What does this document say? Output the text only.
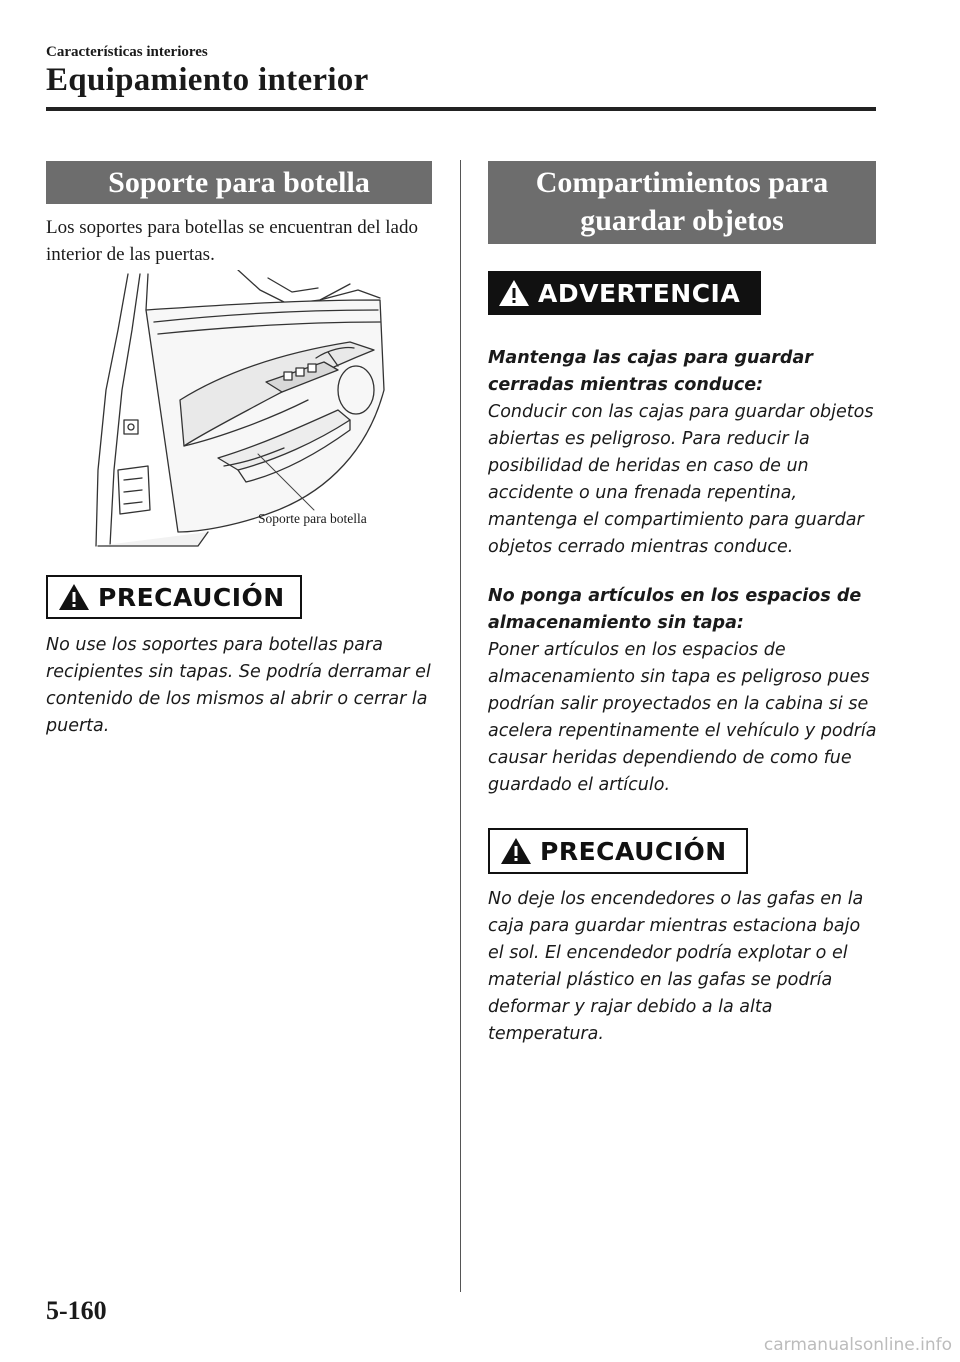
Características interiores
Equipamiento interior
Soporte para botella
Los soportes para botellas se encuentran del lado interior de las puertas.
Soporte para botella
PRECAUCIÓN
No use los soportes para botellas para recipientes sin tapas. Se podría derramar el contenido de los mismos al abrir o cerrar la puerta.
Compartimientos para guardar objetos
ADVERTENCIA
Mantenga las cajas para guardar cerradas mientras conduce:
Conducir con las cajas para guardar objetos abiertas es peligroso. Para reducir la posibilidad de heridas en caso de un accidente o una frenada repentina, mantenga el compartimiento para guardar objetos cerrado mientras conduce.
No ponga artículos en los espacios de almacenamiento sin tapa:
Poner artículos en los espacios de almacenamiento sin tapa es peligroso pues podrían salir proyectados en la cabina si se acelera repentinamente el vehículo y podría causar heridas dependiendo de como fue guardado el artículo.
PRECAUCIÓN
No deje los encendedores o las gafas en la caja para guardar mientras estaciona bajo el sol. El encendedor podría explotar o el material plástico en las gafas se podría deformar y rajar debido a la alta temperatura.
5-160
carmanualsonline.info
